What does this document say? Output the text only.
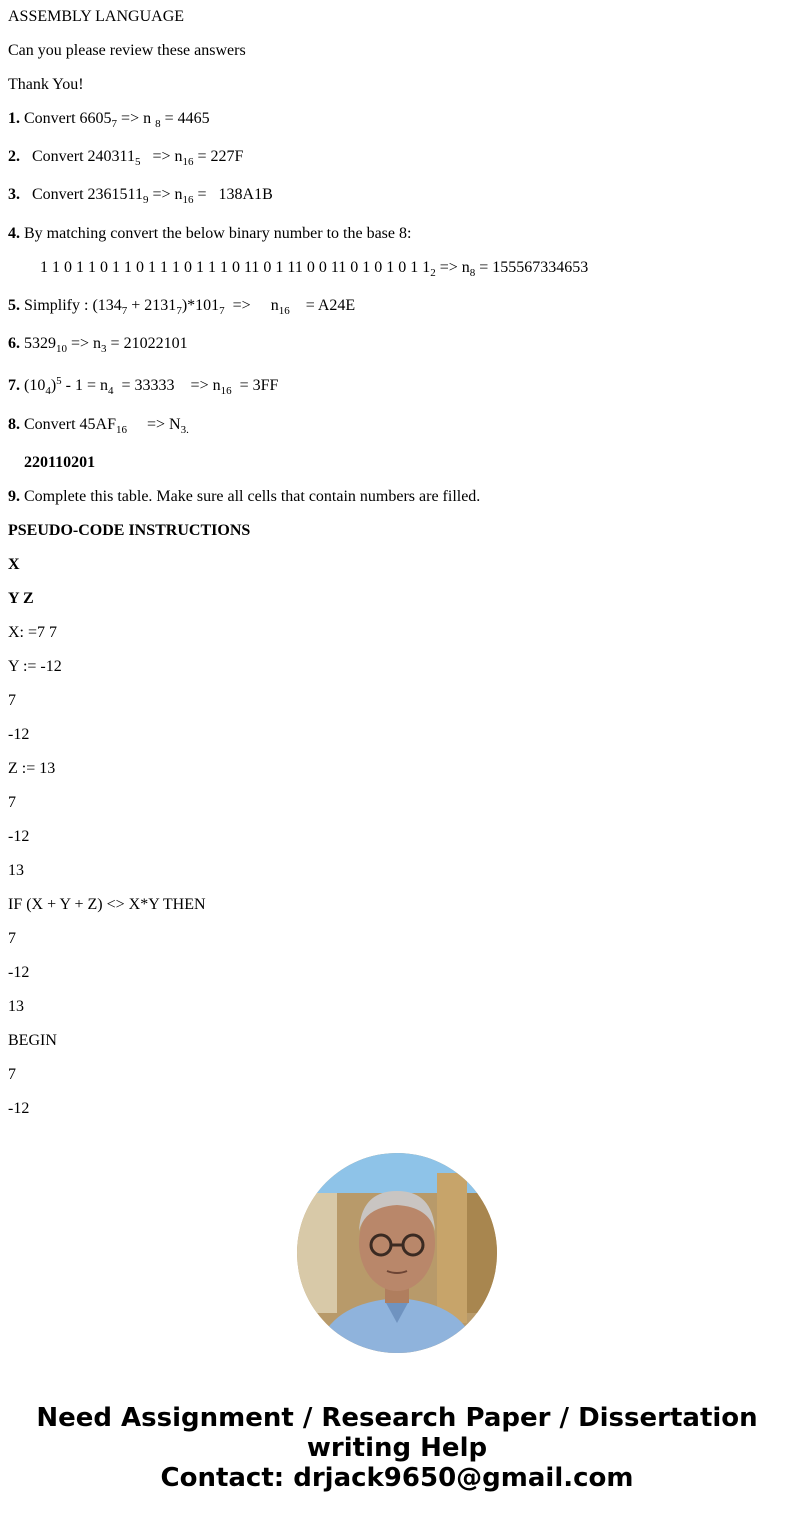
ASSEMBLY LANGUAGE
Can you please review these answers
Thank You!
1. Convert $6605_7 => n$ $_8$ = 4465
2.   Convert $240311_5 => n_{16} = 227F$
3.   Convert $2361511_9 => n_{16} = 138A1B$
4. By matching convert the below binary number to the base 8:
1 1 0 1 1 0 1 1 0 1 1 1 0 1 1 1 0 11 0 1 11 0 0 11 0 1 0 1 0 1 $1_2 => n_8 = 155567334653$
5. Simplify : $(134_7 + 2131_7)*101_7$  =>     $n_{16}$    = A24E
6. $5329_{10} => n_3 = 21022101$
7. $(10_4)^5 - 1 = n_4 = 33333$    => $n_{16} = 3FF$
8. Convert $45AF_{16}$     => $N_{3.}$
220110201
9. Complete this table. Make sure all cells that contain numbers are filled.
PSEUDO-CODE INSTRUCTIONS
X
Y Z
X: =7 7
Y := -12
7
-12
Z := 13
7
-12
13
IF (X + Y + Z) <> X*Y THEN
7
-12
13
BEGIN
7
-12
Need Assignment / Research Paper / Dissertation
writing Help
Contact: drjack9650@gmail.com
